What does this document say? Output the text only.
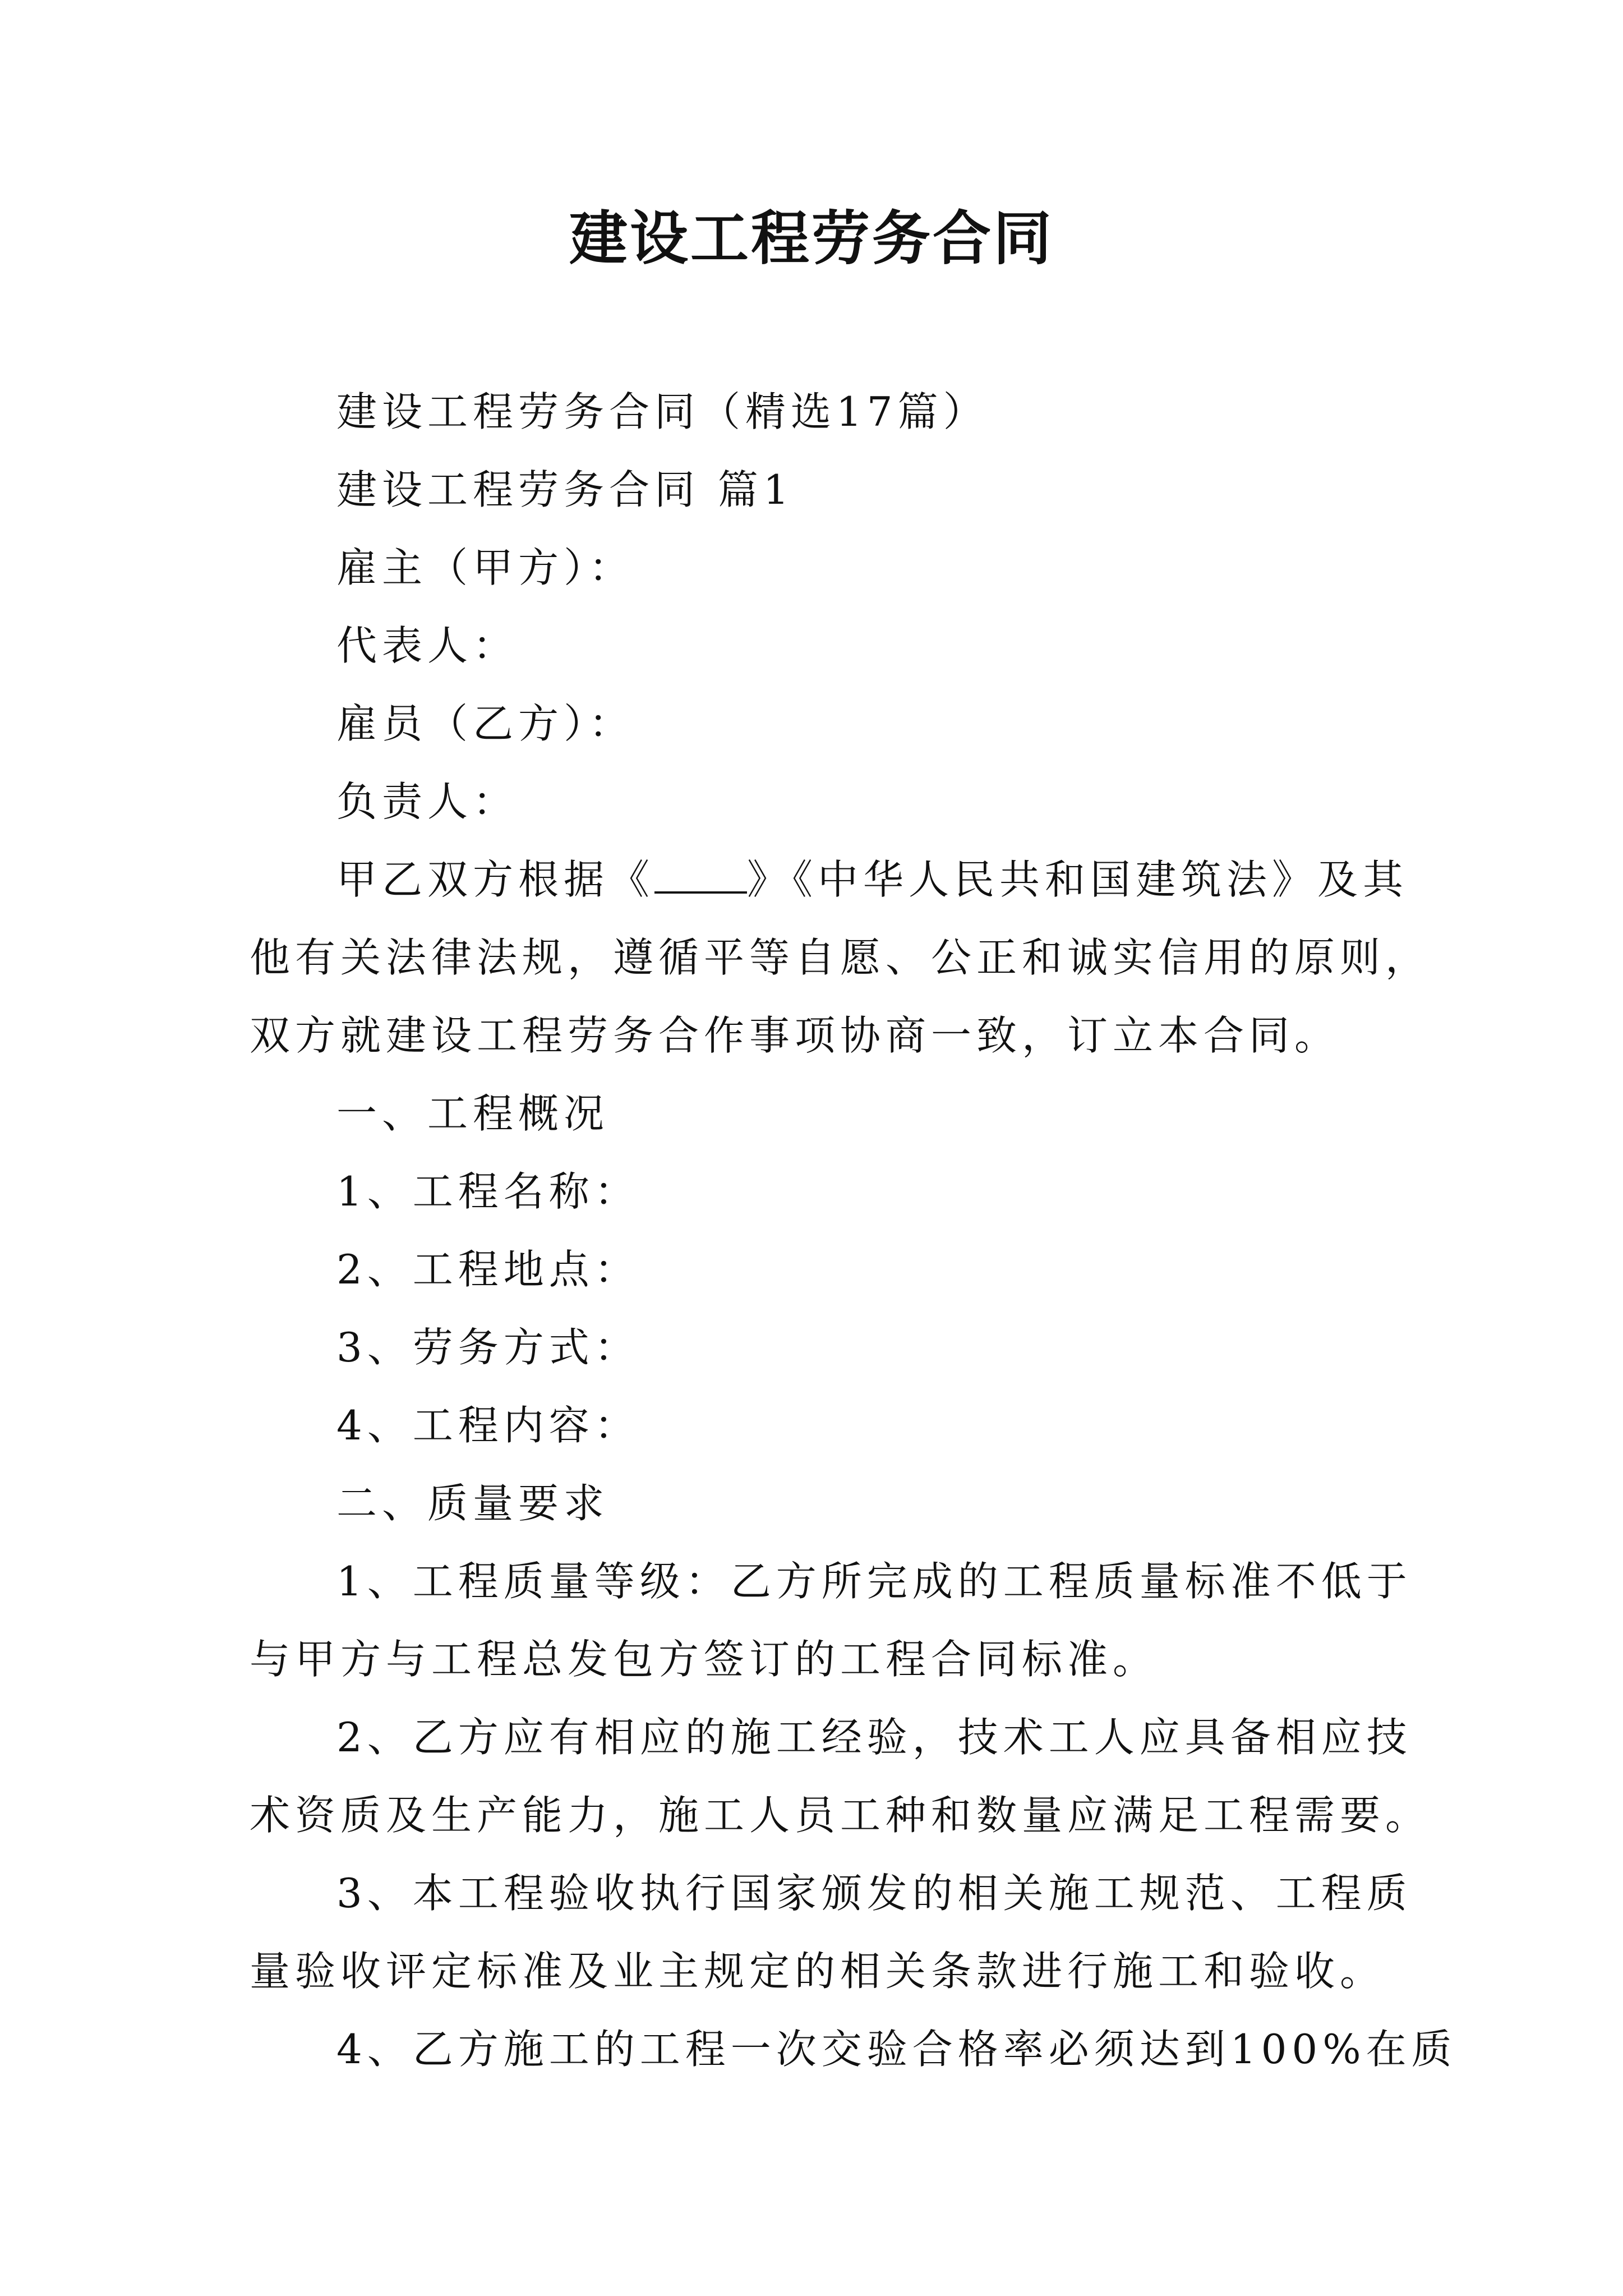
建设工程劳务合同
建设工程劳务合同（精选17篇）
建设工程劳务合同 篇1
雇主（甲方）：
代表人：
雇员（乙方）：
负责人：
甲乙双方根据《 》《中华人民共和国建筑法》及其
他有关法律法规，遵循平等自愿、公正和诚实信用的原则，
双方就建设工程劳务合作事项协商一致，订立本合同。
一、工程概况
1、工程名称：
2、工程地点：
3、劳务方式：
4、工程内容：
二、质量要求
1、工程质量等级：乙方所完成的工程质量标准不低于
与甲方与工程总发包方签订的工程合同标准。
2、乙方应有相应的施工经验，技术工人应具备相应技
术资质及生产能力，施工人员工种和数量应满足工程需要。
3、本工程验收执行国家颁发的相关施工规范、工程质
量验收评定标准及业主规定的相关条款进行施工和验收。
4、乙方施工的工程一次交验合格率必须达到100%在质
